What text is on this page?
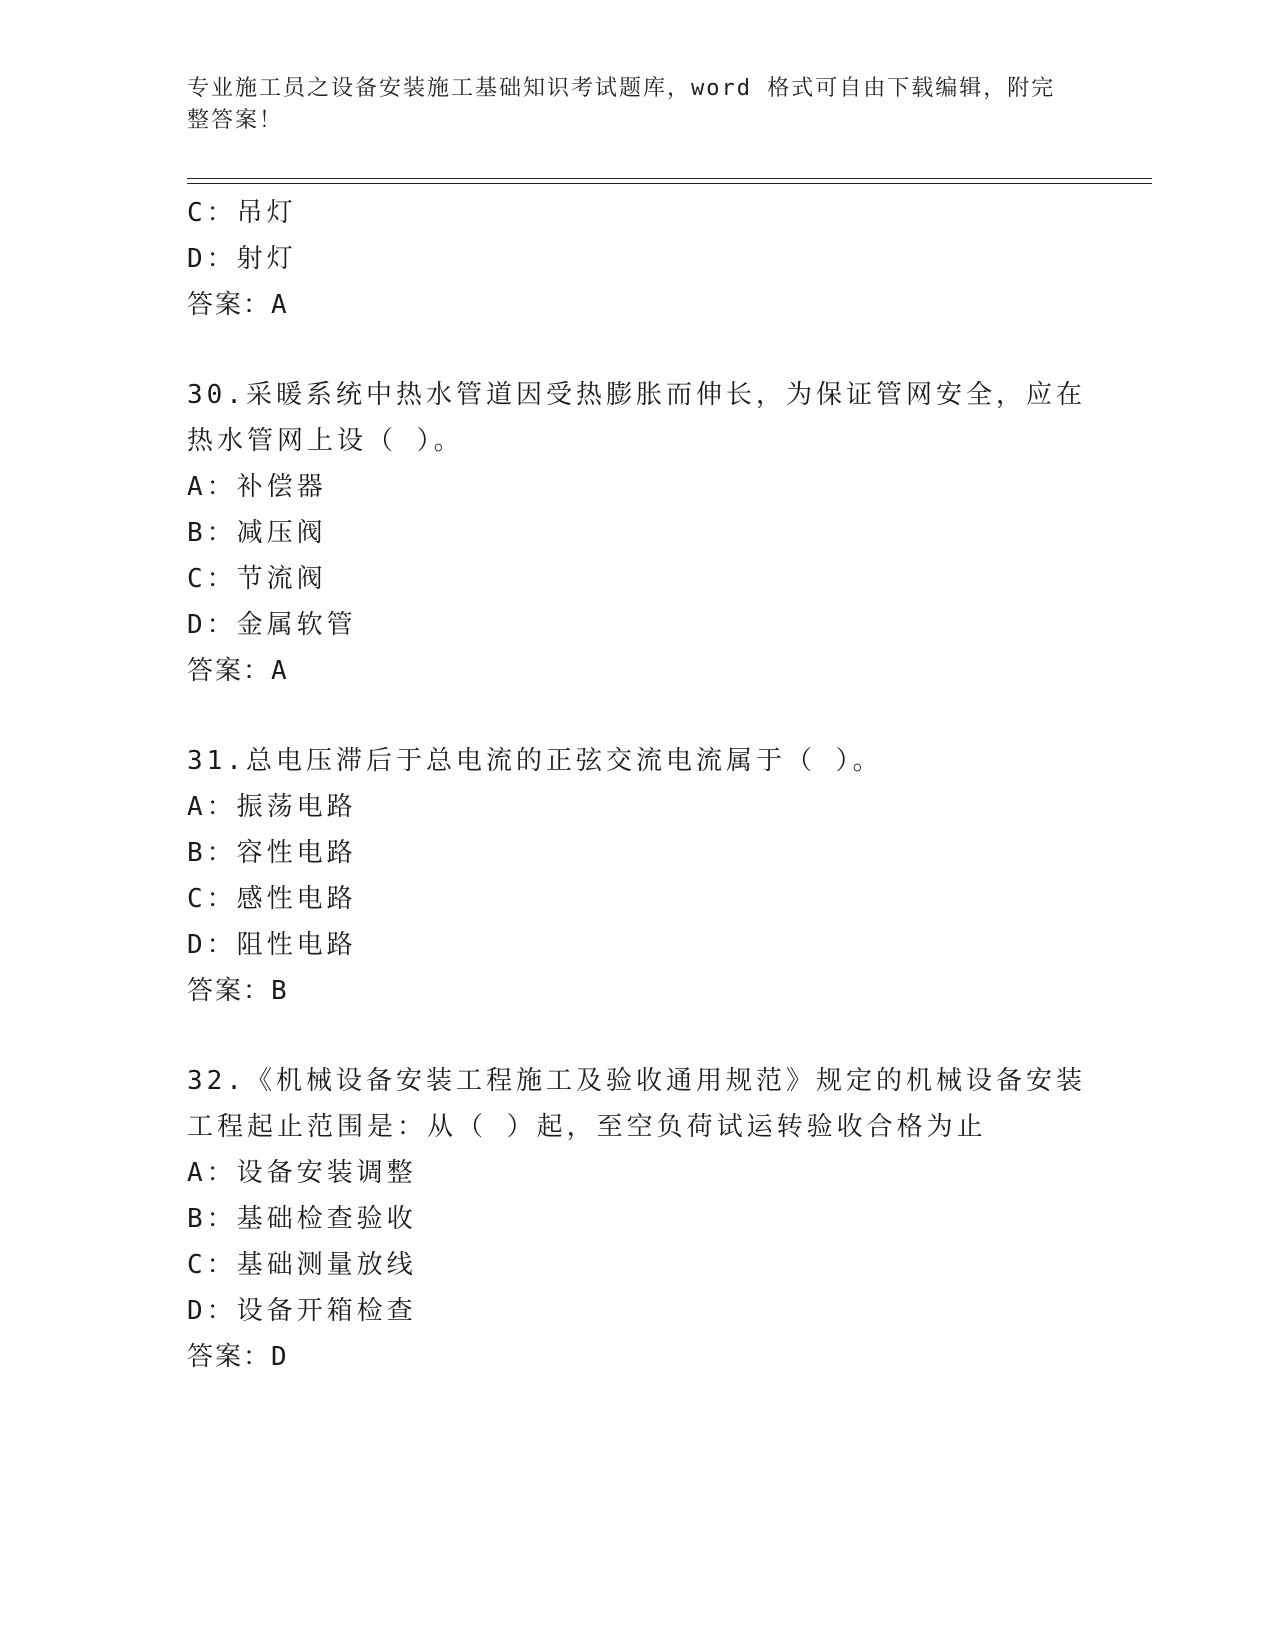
专业施工员之设备安装施工基础知识考试题库，word 格式可自由下载编辑，附完整答案！
C：吊灯
D：射灯
答案：A
30.采暖系统中热水管道因受热膨胀而伸长，为保证管网安全，应在热水管网上设（ ）。
A：补偿器
B：减压阀
C：节流阀
D：金属软管
答案：A
31.总电压滞后于总电流的正弦交流电流属于（ ）。
A：振荡电路
B：容性电路
C：感性电路
D：阻性电路
答案：B
32.《机械设备安装工程施工及验收通用规范》规定的机械设备安装工程起止范围是：从（ ）起，至空负荷试运转验收合格为止
A：设备安装调整
B：基础检查验收
C：基础测量放线
D：设备开箱检查
答案：D
